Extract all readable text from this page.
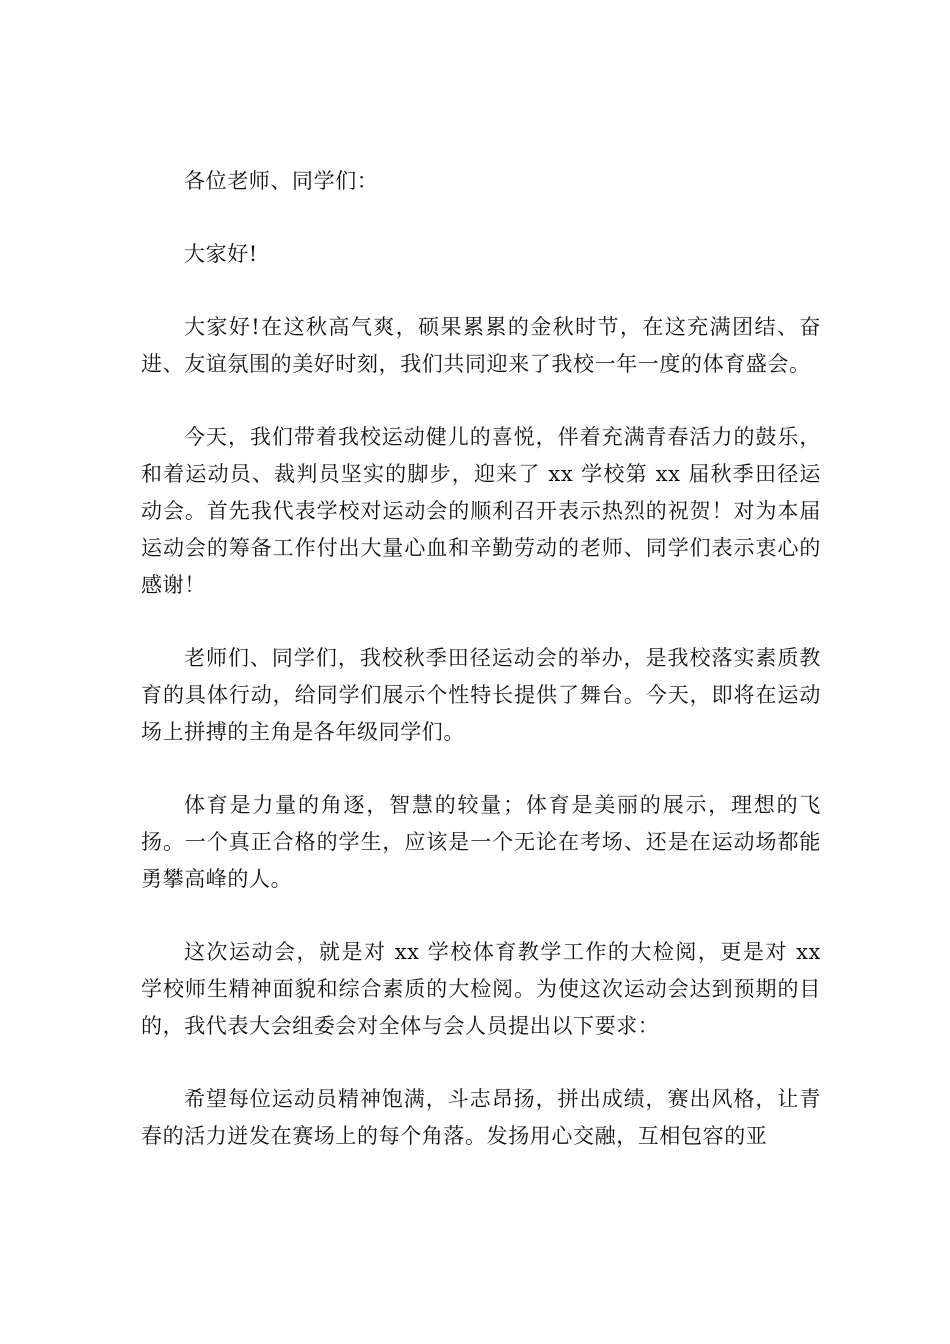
各位老师、同学们：

大家好!

大家好!在这秋高气爽，硕果累累的金秋时节，在这充满团结、奋进、友谊氛围的美好时刻，我们共同迎来了我校一年一度的体育盛会。

今天，我们带着我校运动健儿的喜悦，伴着充满青春活力的鼓乐，和着运动员、裁判员坚实的脚步，迎来了 xx 学校第 xx 届秋季田径运动会。首先我代表学校对运动会的顺利召开表示热烈的祝贺！对为本届运动会的筹备工作付出大量心血和辛勤劳动的老师、同学们表示衷心的感谢！

老师们、同学们，我校秋季田径运动会的举办，是我校落实素质教育的具体行动，给同学们展示个性特长提供了舞台。今天，即将在运动场上拼搏的主角是各年级同学们。

体育是力量的角逐，智慧的较量；体育是美丽的展示，理想的飞扬。一个真正合格的学生，应该是一个无论在考场、还是在运动场都能勇攀高峰的人。

这次运动会，就是对 xx 学校体育教学工作的大检阅，更是对 xx 学校师生精神面貌和综合素质的大检阅。为使这次运动会达到预期的目的，我代表大会组委会对全体与会人员提出以下要求：

希望每位运动员精神饱满，斗志昂扬，拼出成绩，赛出风格，让青春的活力迸发在赛场上的每个角落。发扬用心交融，互相包容的亚
